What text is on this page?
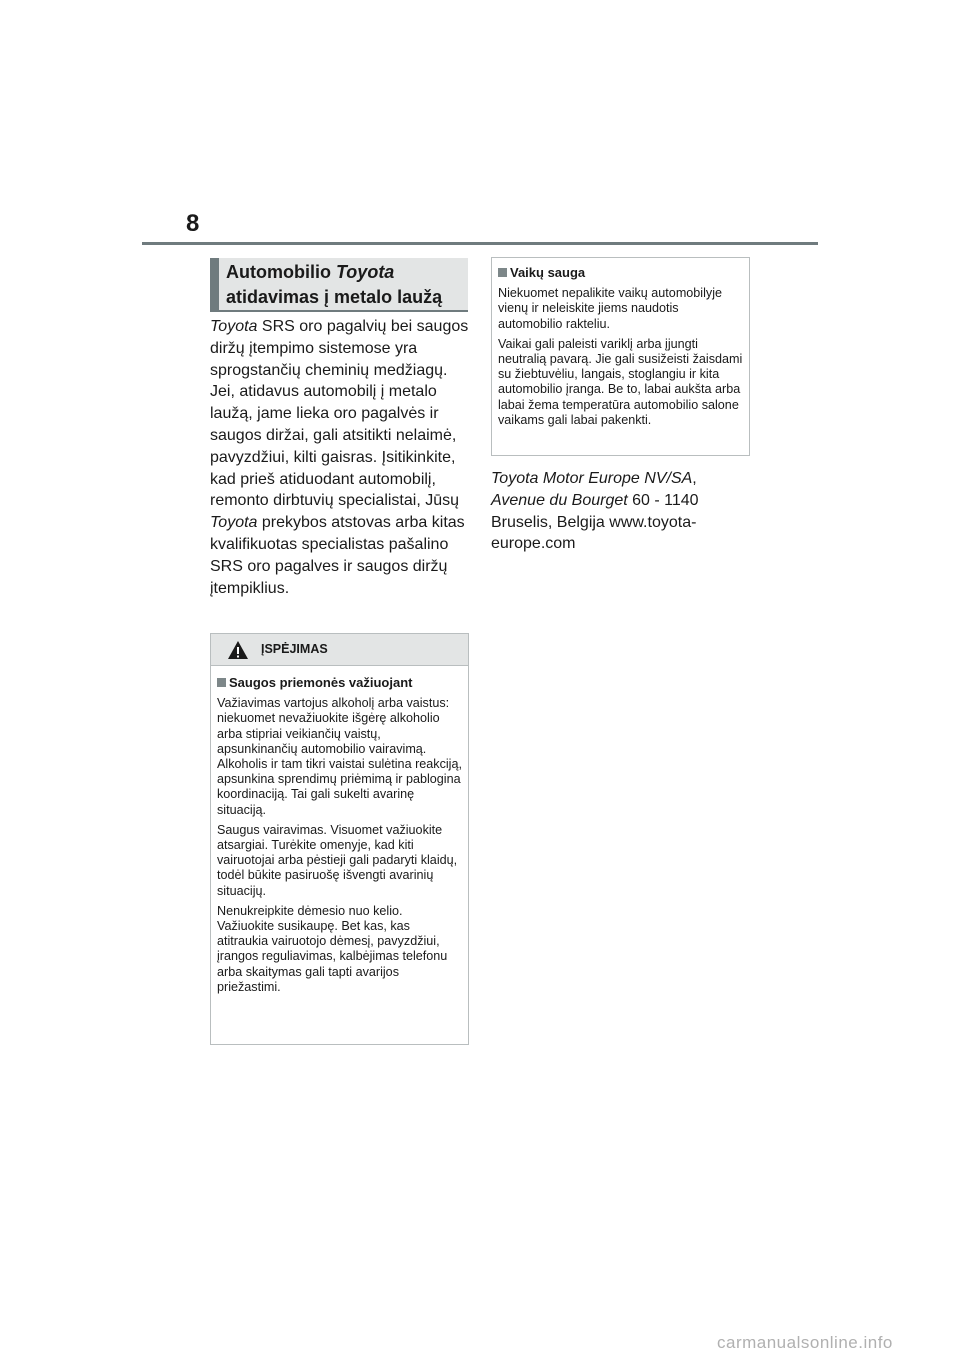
8
Automobilio Toyota
atidavimas į metalo laužą
Toyota SRS oro pagalvių bei saugos diržų įtempimo sistemose yra sprogstančių cheminių medžiagų. Jei, atidavus automobilį į metalo laužą, jame lieka oro pagalvės ir saugos diržai, gali atsitikti nelaimė, pavyzdžiui, kilti gaisras. Įsitikinkite, kad prieš atiduodant automobilį, remonto dirbtuvių specialistai, Jūsų Toyota prekybos atstovas arba kitas kvalifikuotas specialistas pašalino SRS oro pagalves ir saugos diržų įtempiklius.
ĮSPĖJIMAS
Saugos priemonės važiuojant

Važiavimas vartojus alkoholį arba vaistus: niekuomet nevažiuokite išgėrę alkoholio arba stipriai veikiančių vaistų, apsunkinančių automobilio vairavimą. Alkoholis ir tam tikri vaistai sulėtina reakciją, apsunkina sprendimų priėmimą ir pablogina koordinaciją. Tai gali sukelti avarinę situaciją.

Saugus vairavimas. Visuomet važiuokite atsargiai. Turėkite omenyje, kad kiti vairuotojai arba pėstieji gali padaryti klaidų, todėl būkite pasiruošę išvengti avarinių situacijų.

Nenukreipkite dėmesio nuo kelio. Važiuokite susikaupę. Bet kas, kas atitraukia vairuotojo dėmesį, pavyzdžiui, įrangos reguliavimas, kalbėjimas telefonu arba skaitymas gali tapti avarijos priežastimi.

Vaikų sauga

Niekuomet nepalikite vaikų automobilyje vienų ir neleiskite jiems naudotis automobilio rakteliu.

Vaikai gali paleisti variklį arba įjungti neutralią pavarą. Jie gali susižeisti žaisdami su žiebtuvėliu, langais, stoglangiu ir kita automobilio įranga. Be to, labai aukšta arba labai žema temperatūra automobilio salone vaikams gali labai pakenkti.

Toyota Motor Europe NV/SA,
Avenue du Bourget 60 - 1140 Bruselis, Belgija www.toyota-europe.com
carmanualsonline.info
